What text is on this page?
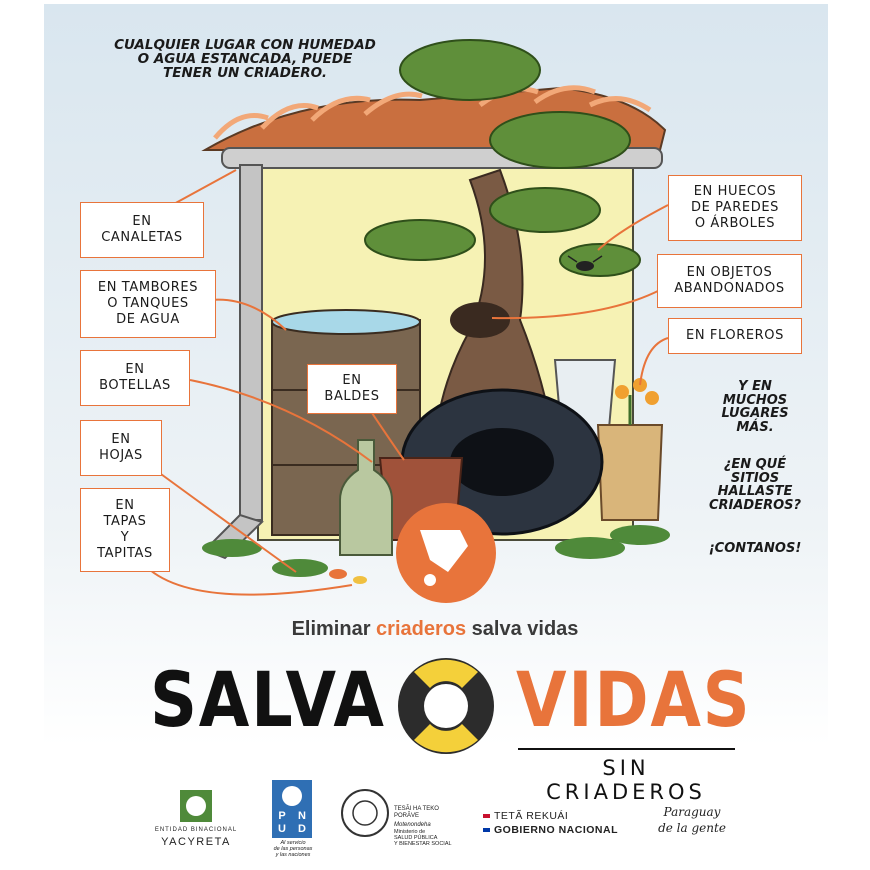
CUALQUIER LUGAR CON HUMEDAD
O AGUA ESTANCADA, PUEDE
TENER UN CRIADERO.
Y EN
MUCHOS
LUGARES
MÁS.
¿EN QUÉ
SITIOS
HALLASTE
CRIADEROS?
¡CONTANOS!
EN
CANALETAS
EN TAMBORES
O TANQUES
DE AGUA
EN
BOTELLAS
EN
HOJAS
EN
TAPAS
Y
TAPITAS
EN
BALDES
EN HUECOS
DE PAREDES
O ÁRBOLES
EN OBJETOS
ABANDONADOS
EN FLOREROS
Eliminar criaderos salva vidas
SALVA VIDAS
SIN CRIADEROS
ENTIDAD BINACIONAL
YACYRETA
P	N
U	D
Al servicio
de las personas
y las naciones
TESÃI HA TEKO
PORÃVE
Motenondeha
Ministerio de
SALUD PÚBLICA
Y BIENESTAR SOCIAL
TETÃ REKUÁI
GOBIERNO NACIONAL
Paraguay
de la gente
